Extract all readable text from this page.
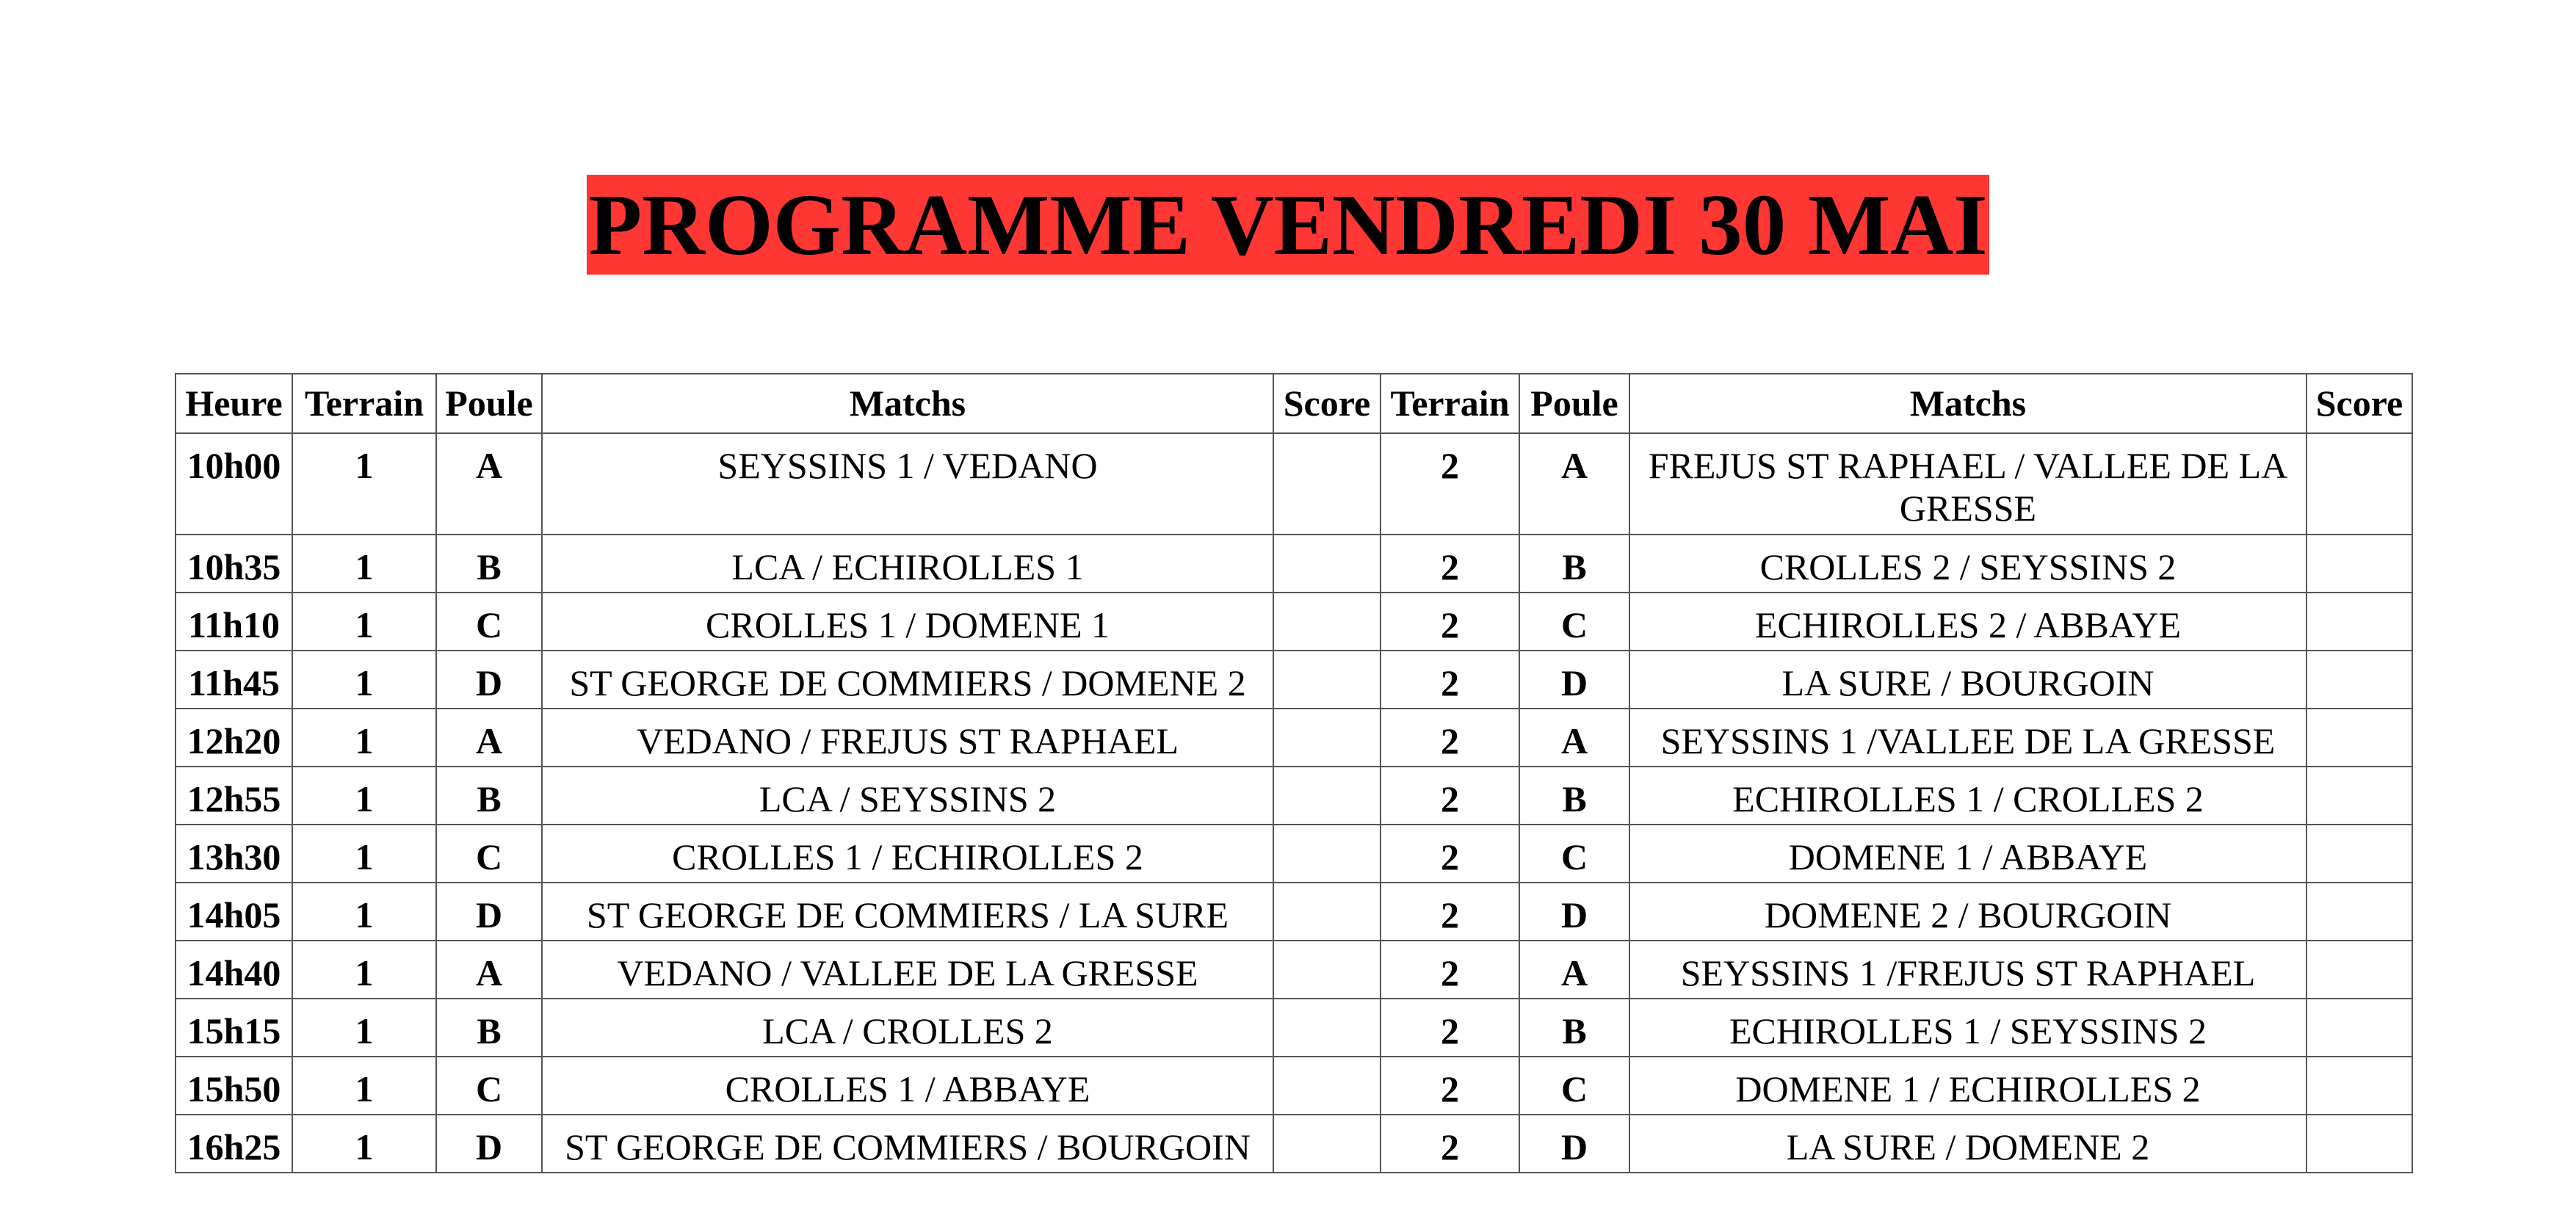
PROGRAMME VENDREDI 30 MAI
Heure	Terrain	Poule	Matchs	Score	Terrain	Poule	Matchs	Score
10h00	1	A	SEYSSINS 1 / VEDANO		2	A	FREJUS ST RAPHAEL / VALLEE DE LA GRESSE	
10h35	1	B	LCA / ECHIROLLES 1		2	B	CROLLES 2 / SEYSSINS 2	
11h10	1	C	CROLLES 1 / DOMENE 1		2	C	ECHIROLLES 2 / ABBAYE	
11h45	1	D	ST GEORGE DE COMMIERS / DOMENE 2		2	D	LA SURE / BOURGOIN	
12h20	1	A	VEDANO / FREJUS ST RAPHAEL		2	A	SEYSSINS 1 /VALLEE DE LA GRESSE	
12h55	1	B	LCA / SEYSSINS 2		2	B	ECHIROLLES 1 / CROLLES 2	
13h30	1	C	CROLLES 1 / ECHIROLLES 2		2	C	DOMENE 1 / ABBAYE	
14h05	1	D	ST GEORGE DE COMMIERS / LA SURE		2	D	DOMENE 2 / BOURGOIN	
14h40	1	A	VEDANO / VALLEE DE LA GRESSE		2	A	SEYSSINS 1 /FREJUS ST RAPHAEL	
15h15	1	B	LCA / CROLLES 2		2	B	ECHIROLLES 1 / SEYSSINS 2	
15h50	1	C	CROLLES 1 / ABBAYE		2	C	DOMENE 1 / ECHIROLLES 2	
16h25	1	D	ST GEORGE DE COMMIERS / BOURGOIN		2	D	LA SURE / DOMENE 2	
